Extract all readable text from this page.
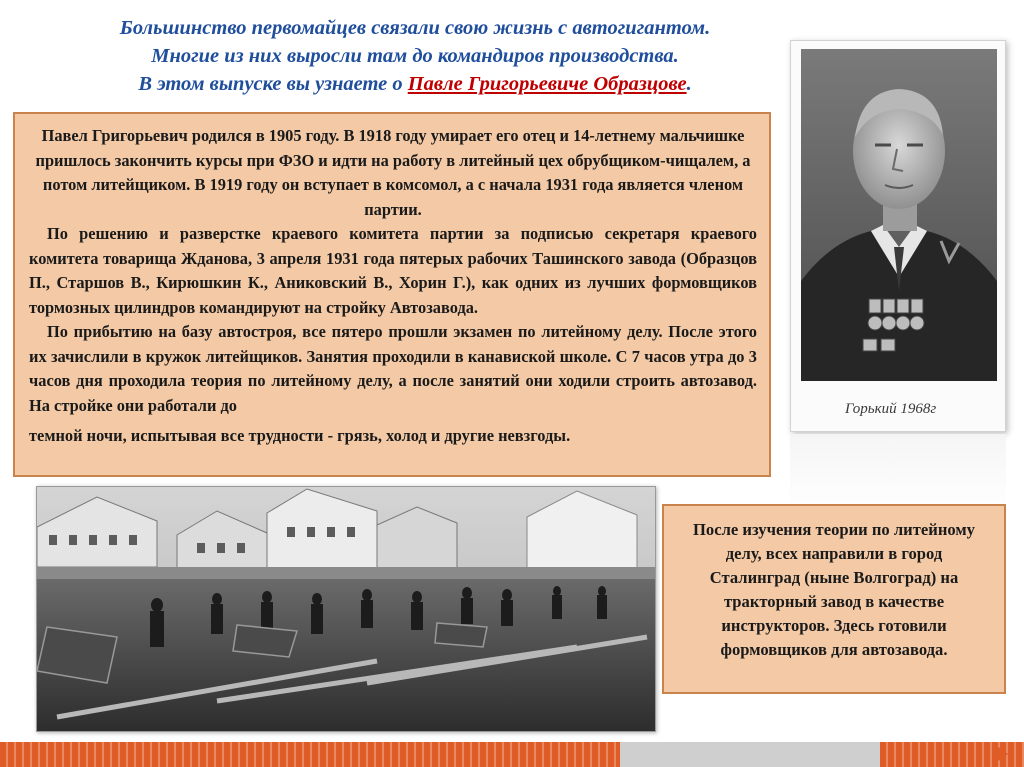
Большинство первомайцев связали свою жизнь с автогигантом.
Многие из них выросли там до командиров производства.
В этом выпуске вы узнаете о Павле Григорьевиче Образцове.

Павел Григорьевич родился в 1905 году. В 1918 году умирает его отец и 14-летнему мальчишке пришлось закончить курсы при ФЗО и идти на работу в литейный цех обрубщиком-чищалем, а потом литейщиком. В 1919 году он вступает в комсомол, а с начала 1931 года является членом партии.

По решению и разверстке краевого комитета партии за подписью секретаря краевого комитета товарища Жданова, 3 апреля 1931 года пятерых рабочих Ташинского завода (Образцов П., Старшов В., Кирюшкин К., Аниковский В., Хорин Г.), как одних из лучших формовщиков тормозных цилиндров командируют на стройку Автозавода.

По прибытию на базу автостроя, все пятеро прошли экзамен по литейному делу. После этого их зачислили в кружок литейщиков. Занятия проходили в канавиской школе. С 7 часов утра до 3 часов дня проходила теория по литейному делу, а после занятий они ходили строить автозавод. На стройке они работали до

темной ночи, испытывая все трудности - грязь, холод и другие невзгоды.

Горький 1968г

После изучения теории по литейному делу, всех направили в город Сталинград (ныне Волгоград) на тракторный завод в качестве инструкторов. Здесь готовили формовщиков для автозавода.
